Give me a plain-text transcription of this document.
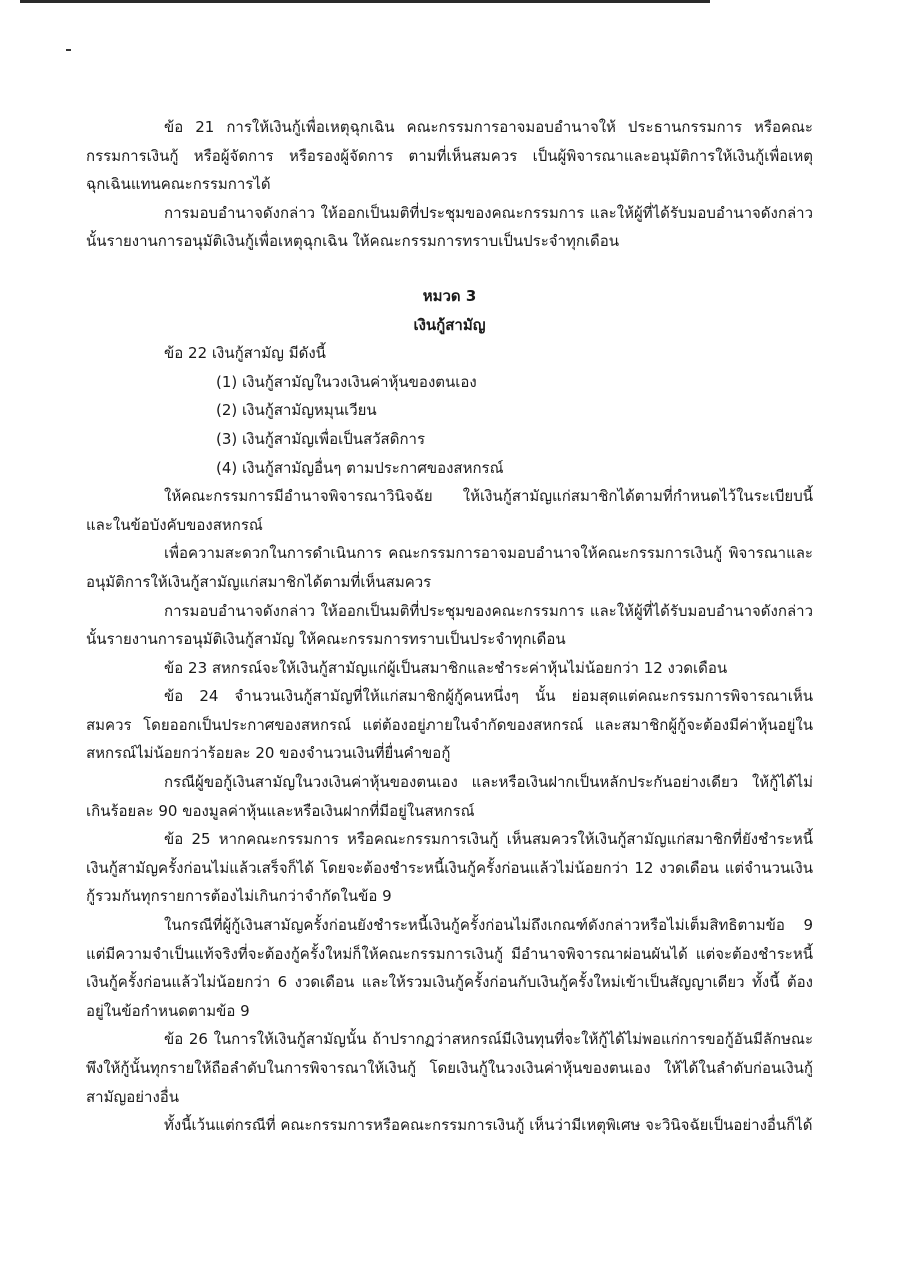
ข้อ 21 การให้เงินกู้เพื่อเหตุฉุกเฉิน คณะกรรมการอาจมอบอำนาจให้ ประธานกรรมการ หรือคณะกรรมการเงินกู้ หรือผู้จัดการ หรือรองผู้จัดการ ตามที่เห็นสมควร เป็นผู้พิจารณาและอนุมัติการให้เงินกู้เพื่อเหตุฉุกเฉินแทนคณะกรรมการได้

การมอบอำนาจดังกล่าว ให้ออกเป็นมติที่ประชุมของคณะกรรมการ และให้ผู้ที่ได้รับมอบอำนาจดังกล่าวนั้นรายงานการอนุมัติเงินกู้เพื่อเหตุฉุกเฉิน ให้คณะกรรมการทราบเป็นประจำทุกเดือน

หมวด 3

เงินกู้สามัญ

ข้อ 22 เงินกู้สามัญ มีดังนี้

(1) เงินกู้สามัญในวงเงินค่าหุ้นของตนเอง

(2) เงินกู้สามัญหมุนเวียน

(3) เงินกู้สามัญเพื่อเป็นสวัสดิการ

(4) เงินกู้สามัญอื่นๆ ตามประกาศของสหกรณ์

ให้คณะกรรมการมีอำนาจพิจารณาวินิจฉัย ให้เงินกู้สามัญแก่สมาชิกได้ตามที่กำหนดไว้ในระเบียบนี้และในข้อบังคับของสหกรณ์

เพื่อความสะดวกในการดำเนินการ คณะกรรมการอาจมอบอำนาจให้คณะกรรมการเงินกู้ พิจารณาและอนุมัติการให้เงินกู้สามัญแก่สมาชิกได้ตามที่เห็นสมควร

การมอบอำนาจดังกล่าว ให้ออกเป็นมติที่ประชุมของคณะกรรมการ และให้ผู้ที่ได้รับมอบอำนาจดังกล่าวนั้นรายงานการอนุมัติเงินกู้สามัญ ให้คณะกรรมการทราบเป็นประจำทุกเดือน

ข้อ 23 สหกรณ์จะให้เงินกู้สามัญแก่ผู้เป็นสมาชิกและชำระค่าหุ้นไม่น้อยกว่า 12 งวดเดือน

ข้อ 24 จำนวนเงินกู้สามัญที่ให้แก่สมาชิกผู้กู้คนหนึ่งๆ นั้น ย่อมสุดแต่คณะกรรมการพิจารณาเห็นสมควร โดยออกเป็นประกาศของสหกรณ์ แต่ต้องอยู่ภายในจำกัดของสหกรณ์ และสมาชิกผู้กู้จะต้องมีค่าหุ้นอยู่ในสหกรณ์ไม่น้อยกว่าร้อยละ 20 ของจำนวนเงินที่ยื่นคำขอกู้

กรณีผู้ขอกู้เงินสามัญในวงเงินค่าหุ้นของตนเอง และหรือเงินฝากเป็นหลักประกันอย่างเดียว ให้กู้ได้ไม่เกินร้อยละ 90 ของมูลค่าหุ้นและหรือเงินฝากที่มีอยู่ในสหกรณ์

ข้อ 25 หากคณะกรรมการ หรือคณะกรรมการเงินกู้ เห็นสมควรให้เงินกู้สามัญแก่สมาชิกที่ยังชำระหนี้เงินกู้สามัญครั้งก่อนไม่แล้วเสร็จก็ได้ โดยจะต้องชำระหนี้เงินกู้ครั้งก่อนแล้วไม่น้อยกว่า 12 งวดเดือน แต่จำนวนเงินกู้รวมกันทุกรายการต้องไม่เกินกว่าจำกัดในข้อ 9

ในกรณีที่ผู้กู้เงินสามัญครั้งก่อนยังชำระหนี้เงินกู้ครั้งก่อนไม่ถึงเกณฑ์ดังกล่าวหรือไม่เต็มสิทธิตามข้อ 9 แต่มีความจำเป็นแท้จริงที่จะต้องกู้ครั้งใหม่ก็ให้คณะกรรมการเงินกู้ มีอำนาจพิจารณาผ่อนผันได้ แต่จะต้องชำระหนี้เงินกู้ครั้งก่อนแล้วไม่น้อยกว่า 6 งวดเดือน และให้รวมเงินกู้ครั้งก่อนกับเงินกู้ครั้งใหม่เข้าเป็นสัญญาเดียว ทั้งนี้ ต้องอยู่ในข้อกำหนดตามข้อ 9

ข้อ 26 ในการให้เงินกู้สามัญนั้น ถ้าปรากฏว่าสหกรณ์มีเงินทุนที่จะให้กู้ได้ไม่พอแก่การขอกู้อันมีลักษณะพึงให้กู้นั้นทุกรายให้ถือลำดับในการพิจารณาให้เงินกู้ โดยเงินกู้ในวงเงินค่าหุ้นของตนเอง ให้ได้ในลำดับก่อนเงินกู้สามัญอย่างอื่น

ทั้งนี้เว้นแต่กรณีที่ คณะกรรมการหรือคณะกรรมการเงินกู้ เห็นว่ามีเหตุพิเศษ จะวินิจฉัยเป็นอย่างอื่นก็ได้
